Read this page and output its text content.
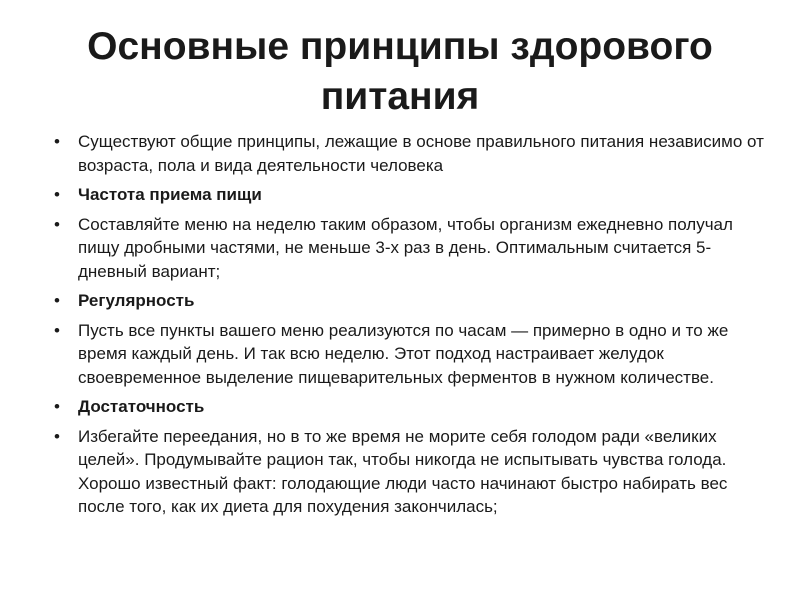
Основные принципы здорового
питания
•	Существуют общие принципы, лежащие в основе правильного питания независимо от возраста, пола и вида деятельности человека
•	Частота приема пищи
•	Составляйте меню на неделю таким образом, чтобы организм ежедневно получал пищу дробными частями, не меньше 3-х раз в день. Оптимальным считается 5-дневный вариант;
•	Регулярность
•	Пусть все пункты вашего меню реализуются по часам — примерно в одно и то же время каждый день. И так всю неделю. Этот подход настраивает желудок своевременное выделение пищеварительных ферментов в нужном количестве.
•	Достаточность
•	Избегайте переедания, но в то же время не морите себя голодом ради «великих целей». Продумывайте рацион так, чтобы никогда не испытывать чувства голода. Хорошо известный факт: голодающие люди часто начинают быстро набирать вес после того, как их диета для похудения закончилась;
